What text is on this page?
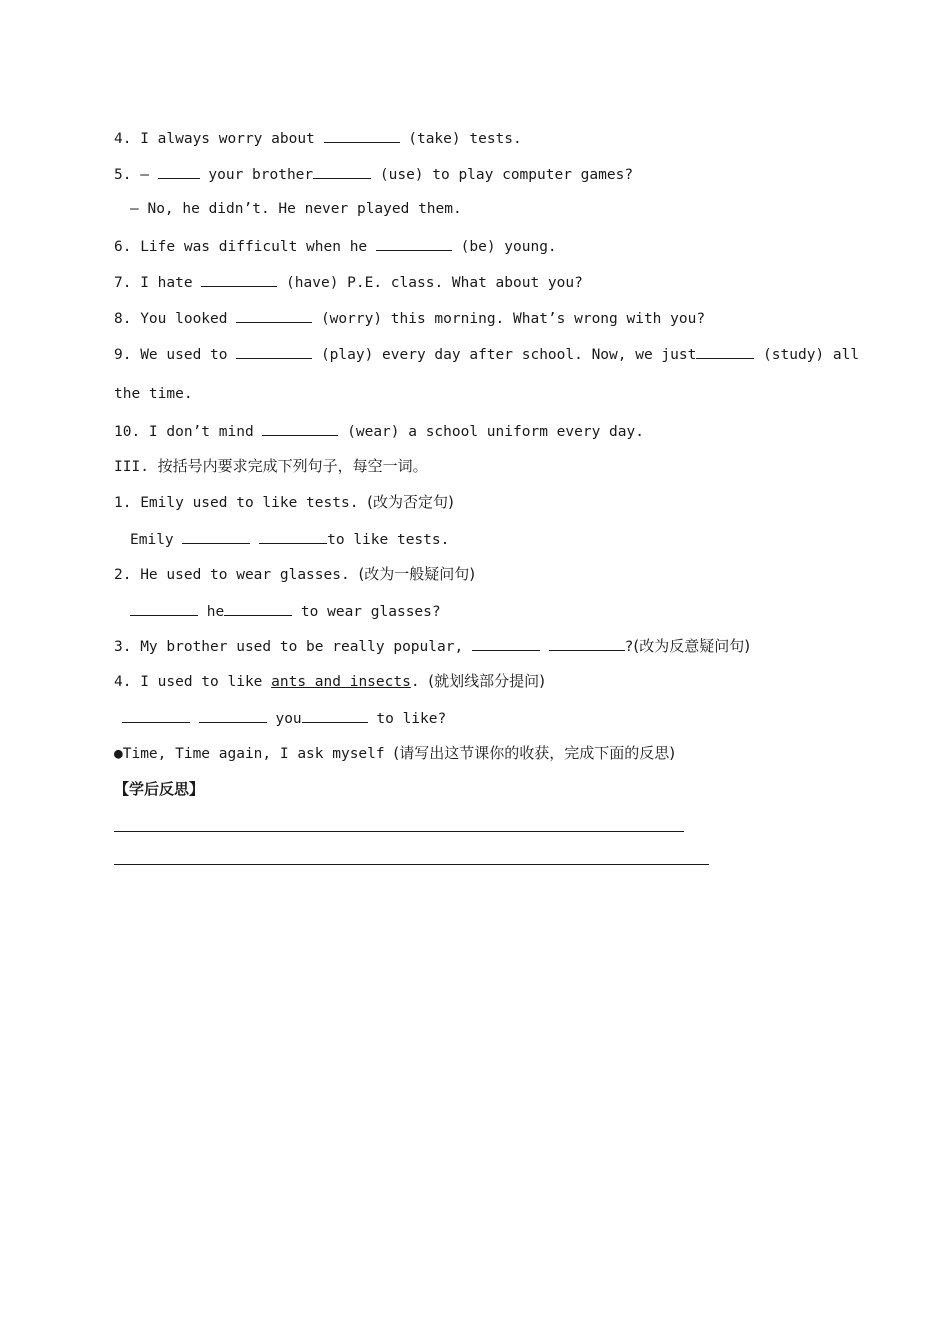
4. I always worry about	(take) tests.
5. —	your brother	(use) to play computer games?
— No, he didn’t. He never played them.
6. Life was difficult when he	(be) young.
7. I hate	(have) P.E. class. What about you?
8. You looked	(worry) this morning. What’s wrong with you?
9. We used to	(play) every day after school. Now, we just	(study) all
the time.
10. I don’t mind	(wear) a school uniform every day.
III. 按括号内要求完成下列句子，每空一词。
1. Emily used to like tests. (改为否定句)
Emily	to like tests.
2. He used to wear glasses. (改为一般疑问句)
he	to wear glasses?
3. My brother used to be really popular,	?(改为反意疑问句)
4. I used to like ants and insects. (就划线部分提问)
you	to like?
●Time, Time again, I ask myself (请写出这节课你的收获，完成下面的反思)
【学后反思】
